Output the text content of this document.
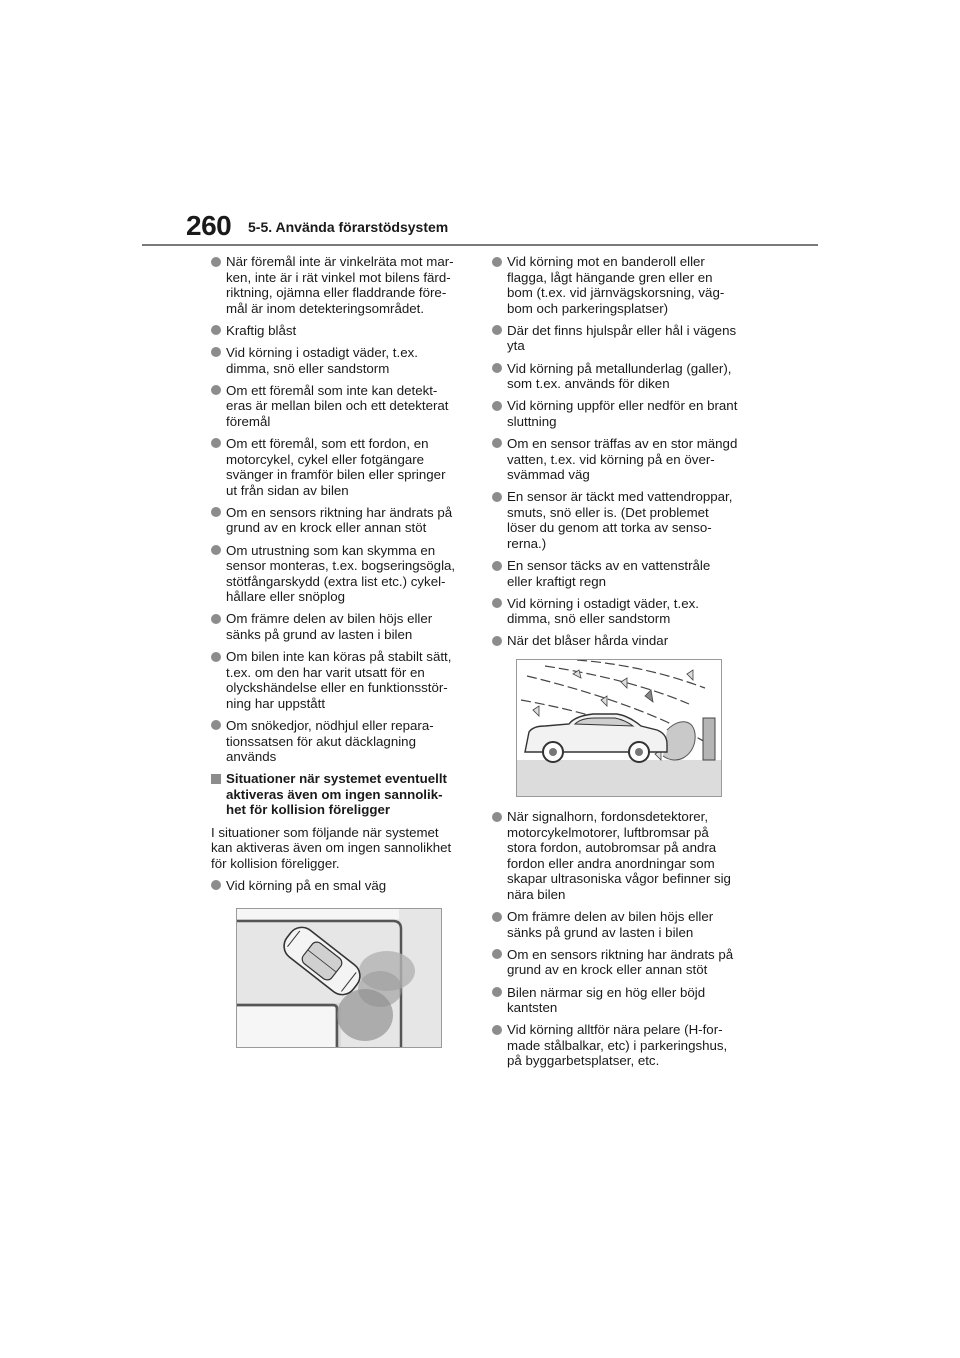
260 5-5. Använda förarstödsystem
När föremål inte är vinkelräta mot mar-
ken, inte är i rät vinkel mot bilens färd-
riktning, ojämna eller fladdrande före-
mål är inom detekteringsområdet.
Kraftig blåst
Vid körning i ostadigt väder, t.ex.
dimma, snö eller sandstorm
Om ett föremål som inte kan detekt-
eras är mellan bilen och ett detekterat
föremål
Om ett föremål, som ett fordon, en
motorcykel, cykel eller fotgängare
svänger in framför bilen eller springer
ut från sidan av bilen
Om en sensors riktning har ändrats på
grund av en krock eller annan stöt
Om utrustning som kan skymma en
sensor monteras, t.ex. bogseringsögla,
stötfångarskydd (extra list etc.) cykel-
hållare eller snöplog
Om främre delen av bilen höjs eller
sänks på grund av lasten i bilen
Om bilen inte kan köras på stabilt sätt,
t.ex. om den har varit utsatt för en
olyckshändelse eller en funktionsstör-
ning har uppstått
Om snökedjor, nödhjul eller repara-
tionssatsen för akut däcklagning
används
Situationer när systemet eventuellt
aktiveras även om ingen sannolik-
het för kollision föreligger
I situationer som följande när systemet
kan aktiveras även om ingen sannolikhet
för kollision föreligger.
Vid körning på en smal väg
Vid körning mot en banderoll eller
flagga, lågt hängande gren eller en
bom (t.ex. vid järnvägskorsning, väg-
bom och parkeringsplatser)
Där det finns hjulspår eller hål i vägens
yta
Vid körning på metallunderlag (galler),
som t.ex. används för diken
Vid körning uppför eller nedför en brant
sluttning
Om en sensor träffas av en stor mängd
vatten, t.ex. vid körning på en över-
svämmad väg
En sensor är täckt med vattendroppar,
smuts, snö eller is. (Det problemet
löser du genom att torka av senso-
rerna.)
En sensor täcks av en vattenstråle
eller kraftigt regn
Vid körning i ostadigt väder, t.ex.
dimma, snö eller sandstorm
När det blåser hårda vindar
När signalhorn, fordonsdetektorer,
motorcykelmotorer, luftbromsar på
stora fordon, autobromsar på andra
fordon eller andra anordningar som
skapar ultrasoniska vågor befinner sig
nära bilen
Om främre delen av bilen höjs eller
sänks på grund av lasten i bilen
Om en sensors riktning har ändrats på
grund av en krock eller annan stöt
Bilen närmar sig en hög eller böjd
kantsten
Vid körning alltför nära pelare (H-for-
made stålbalkar, etc) i parkeringshus,
på byggarbetsplatser, etc.
